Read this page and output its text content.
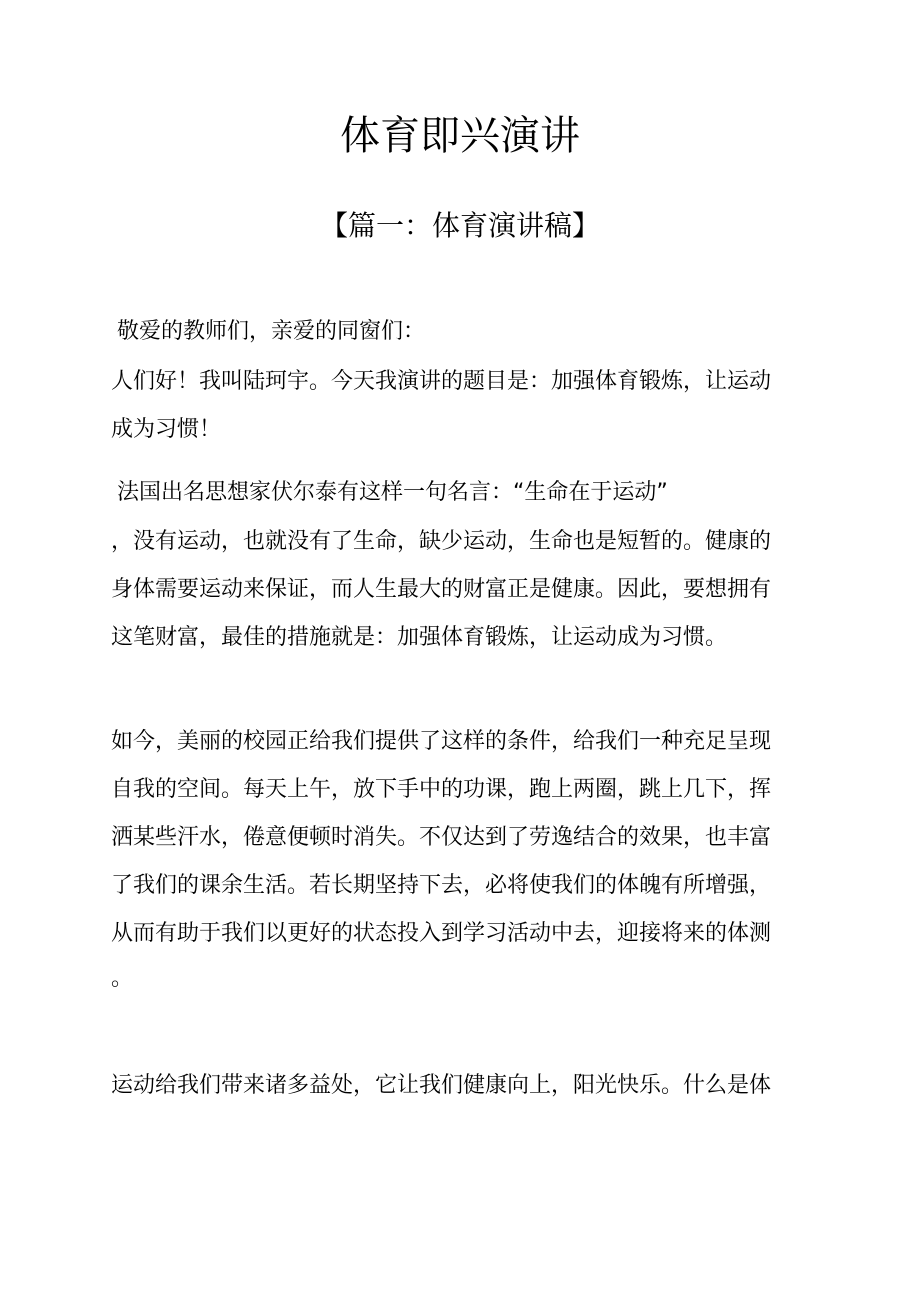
体育即兴演讲
【篇一：体育演讲稿】

敬爱的教师们，亲爱的同窗们：

人们好！我叫陆珂宇。今天我演讲的题目是：加强体育锻炼，让运动

成为习惯！

法国出名思想家伏尔泰有这样一句名言：“生命在于运动”

，没有运动，也就没有了生命，缺少运动，生命也是短暂的。健康的

身体需要运动来保证，而人生最大的财富正是健康。因此，要想拥有

这笔财富，最佳的措施就是：加强体育锻炼，让运动成为习惯。

如今，美丽的校园正给我们提供了这样的条件，给我们一种充足呈现

自我的空间。每天上午，放下手中的功课，跑上两圈，跳上几下，挥

洒某些汗水，倦意便顿时消失。不仅达到了劳逸结合的效果，也丰富

了我们的课余生活。若长期坚持下去，必将使我们的体魄有所增强，

从而有助于我们以更好的状态投入到学习活动中去，迎接将来的体测

。

运动给我们带来诸多益处，它让我们健康向上，阳光快乐。什么是体
